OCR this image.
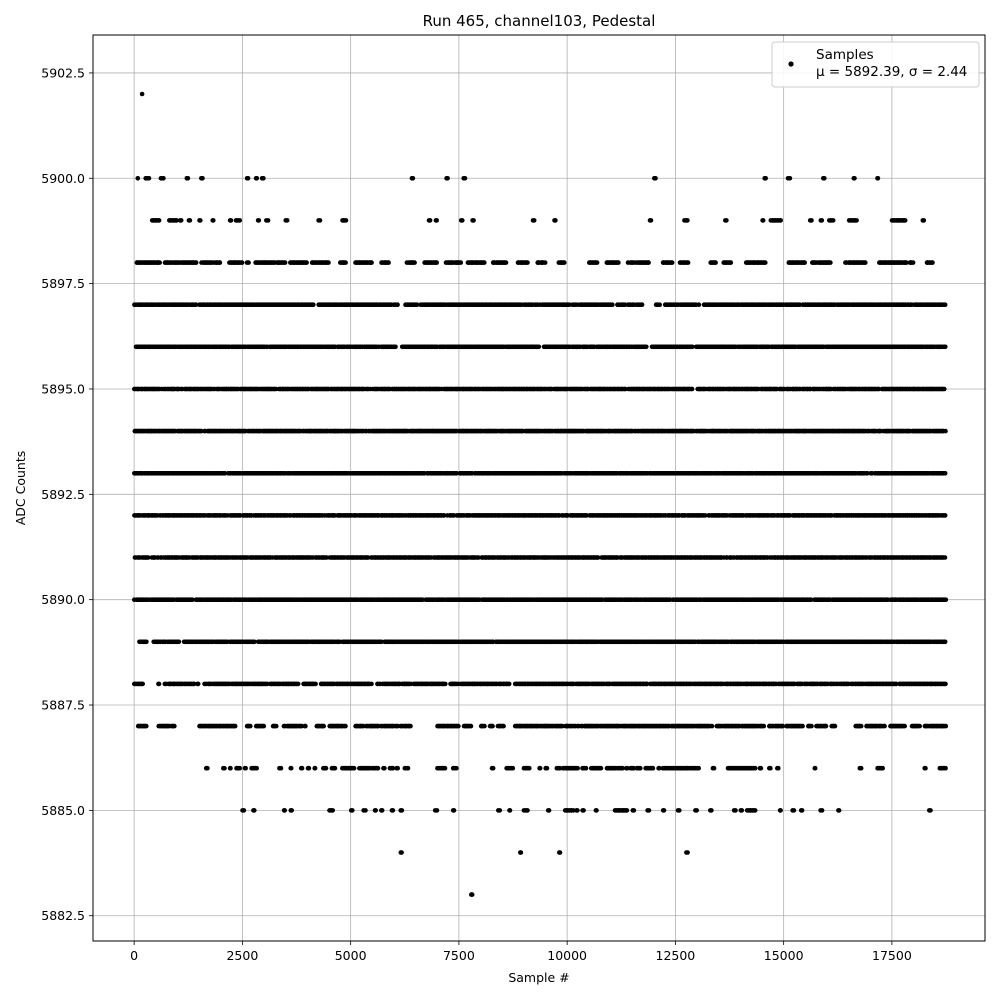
0	2500	5000	7500	10000	12500	15000	17500
5882.5
5885.0
5887.5
5890.0
5892.5
5895.0
5897.5
5900.0
5902.5
Run 465, channel103, Pedestal
Sample #
ADC Counts
Samples
μ = 5892.39, σ = 2.44
